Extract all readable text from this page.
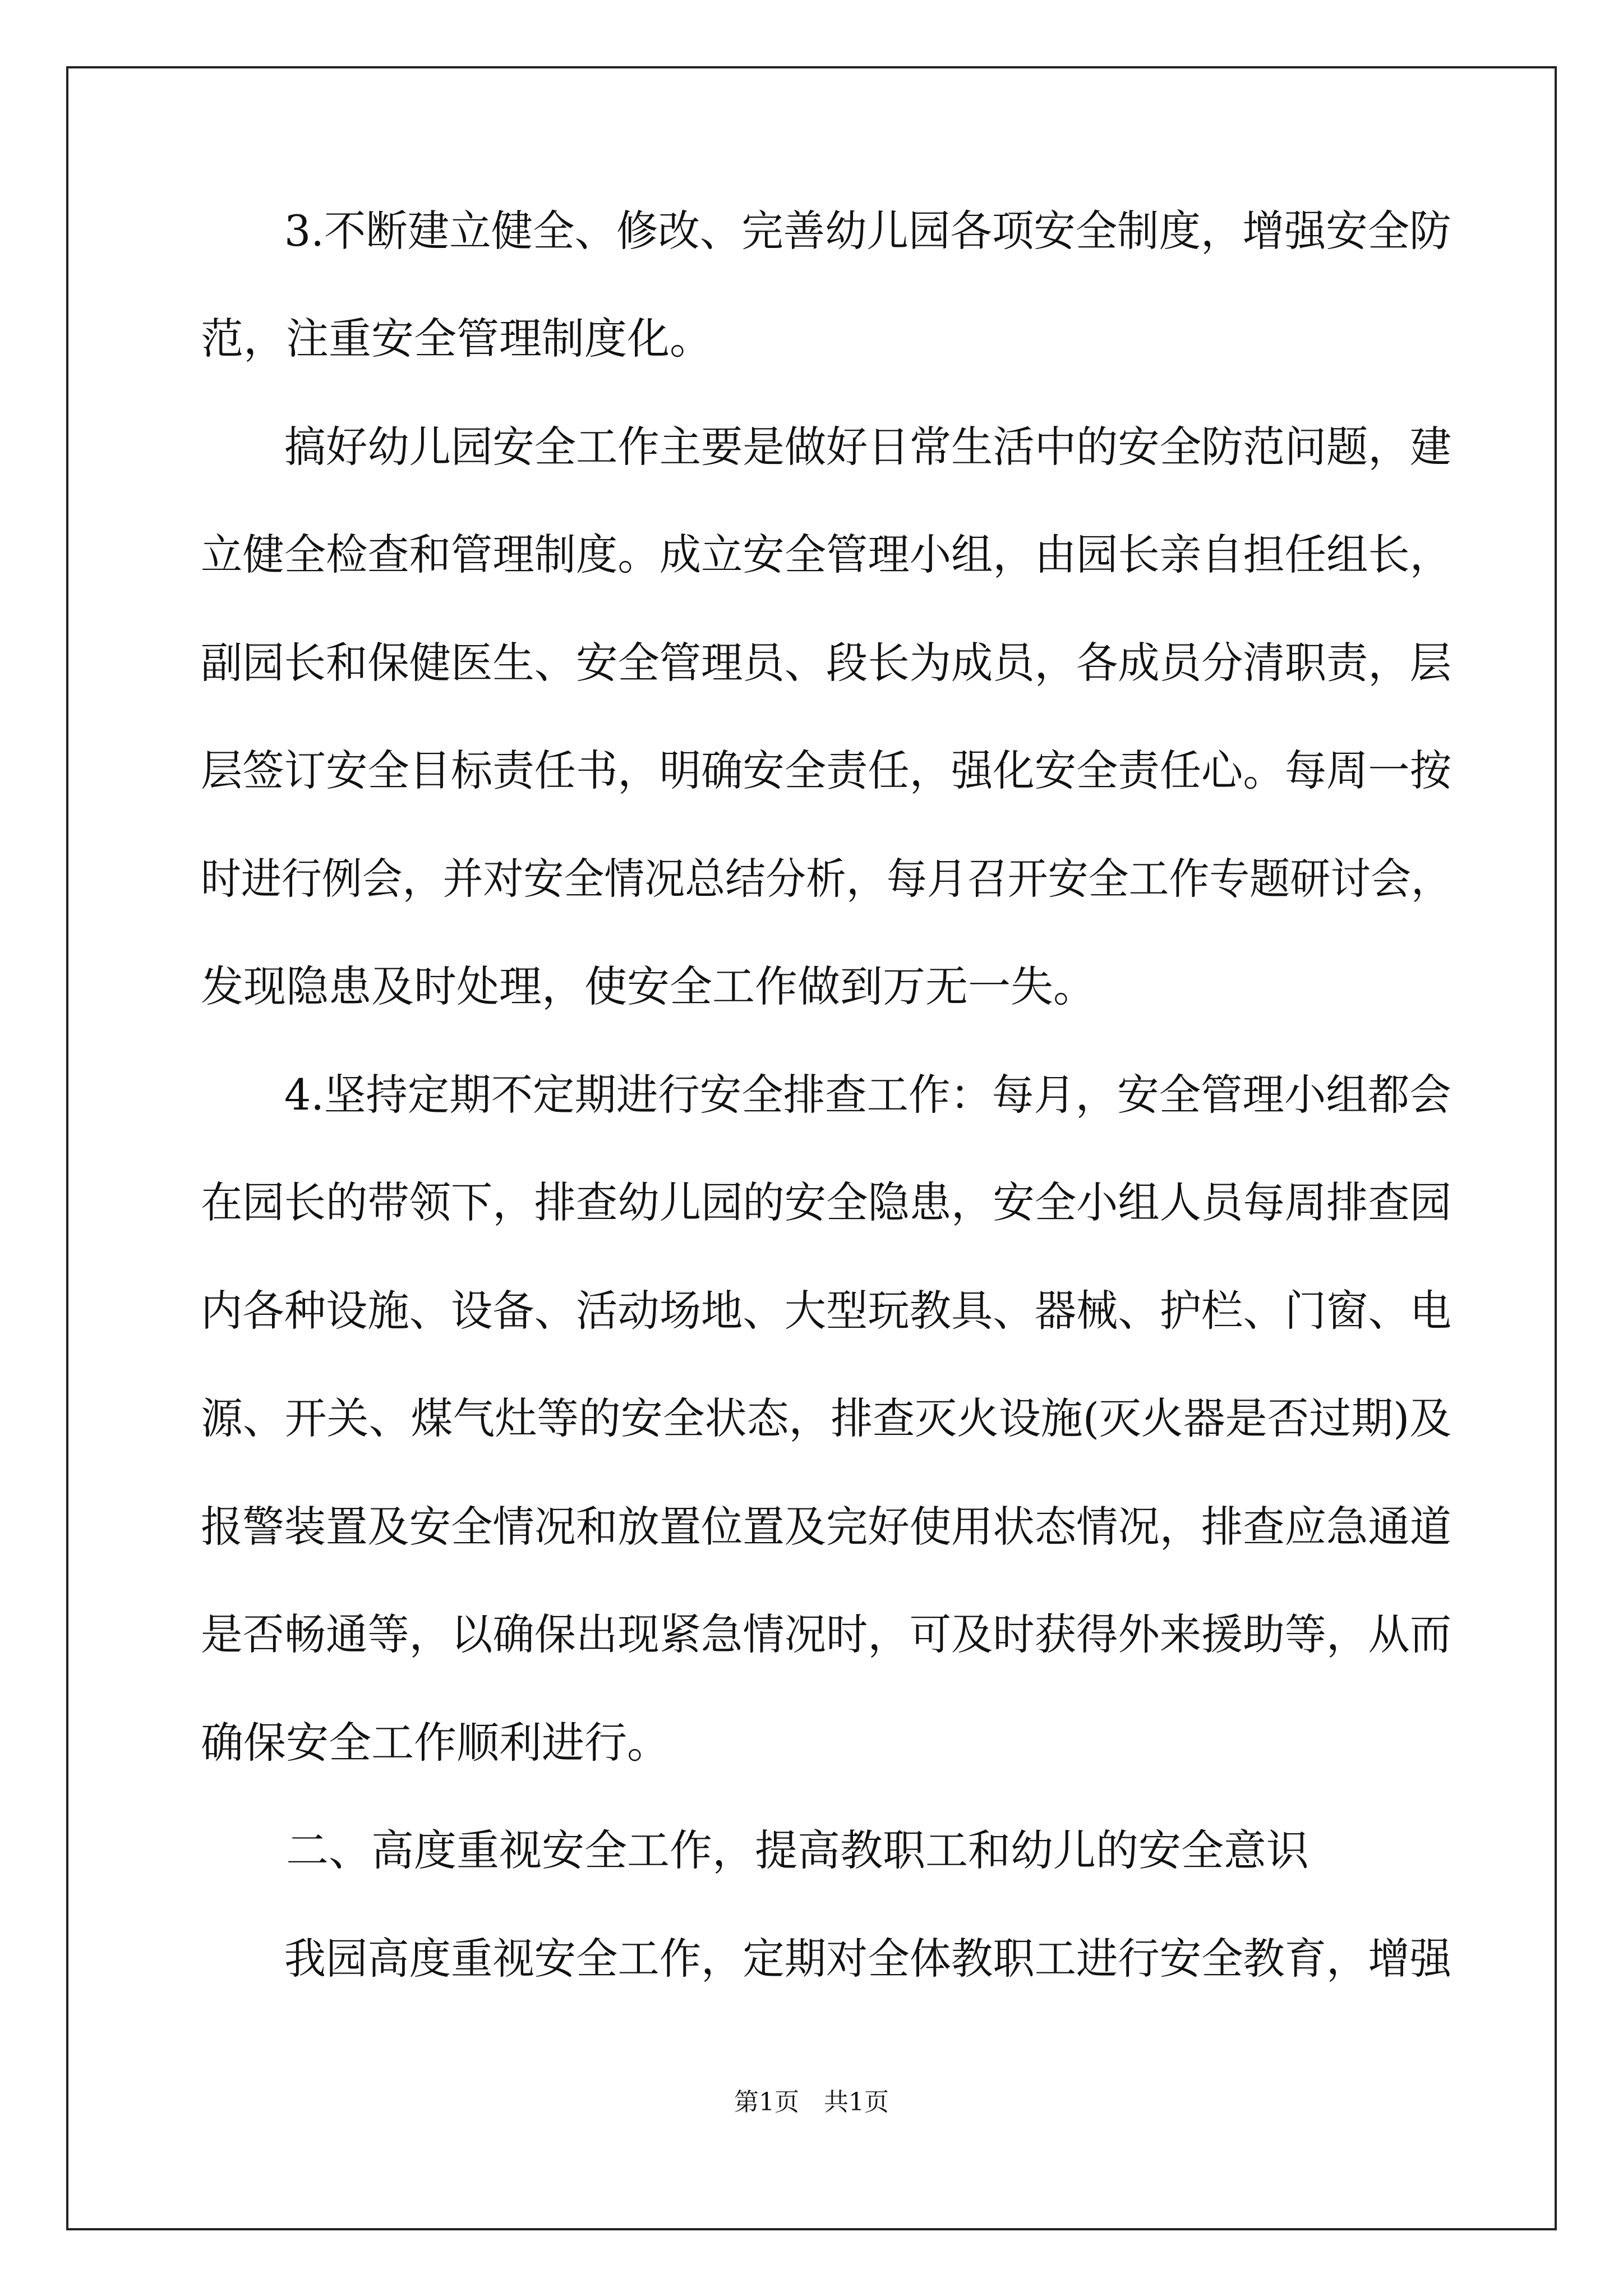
　　3.不断建立健全、修改、完善幼儿园各项安全制度，增强安全防
范，注重安全管理制度化。
　　搞好幼儿园安全工作主要是做好日常生活中的安全防范问题，建
立健全检查和管理制度。成立安全管理小组，由园长亲自担任组长，
副园长和保健医生、安全管理员、段长为成员，各成员分清职责，层
层签订安全目标责任书，明确安全责任，强化安全责任心。每周一按
时进行例会，并对安全情况总结分析，每月召开安全工作专题研讨会，
发现隐患及时处理，使安全工作做到万无一失。
　　4.坚持定期不定期进行安全排查工作：每月，安全管理小组都会
在园长的带领下，排查幼儿园的安全隐患，安全小组人员每周排查园
内各种设施、设备、活动场地、大型玩教具、器械、护栏、门窗、电
源、开关、煤气灶等的安全状态，排查灭火设施(灭火器是否过期)及
报警装置及安全情况和放置位置及完好使用状态情况，排查应急通道
是否畅通等，以确保出现紧急情况时，可及时获得外来援助等，从而
确保安全工作顺利进行。
　　二、高度重视安全工作，提高教职工和幼儿的安全意识
　　我园高度重视安全工作，定期对全体教职工进行安全教育，增强
第1页　共1页
